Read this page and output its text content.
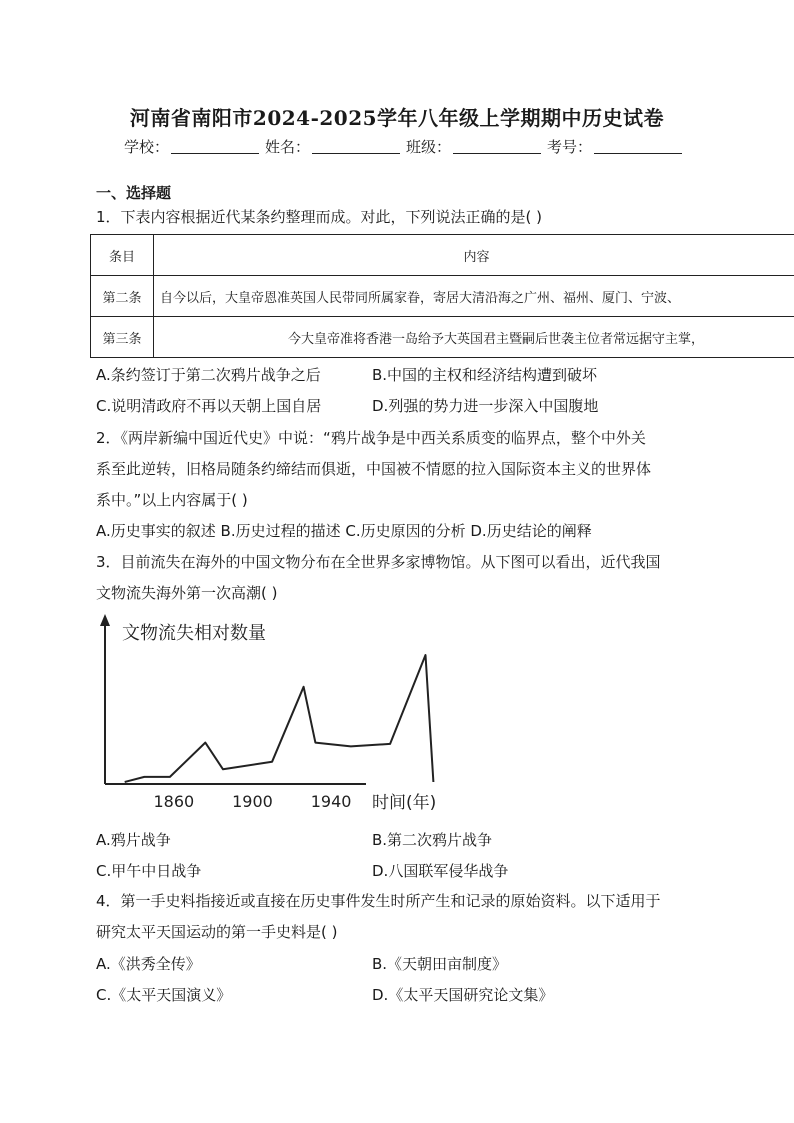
河南省南阳市2024-2025学年八年级上学期期中历史试卷
学校：	姓名：	班级：	考号：
一、选择题
1．下表内容根据近代某条约整理而成。对此，下列说法正确的是( )
条目	内容
第二条	自今以后，大皇帝恩准英国人民带同所属家眷，寄居大清沿海之广州、福州、厦门、宁波、
第三条	今大皇帝准将香港一岛给予大英国君主暨嗣后世袭主位者常远据守主掌，
A.条约签订于第二次鸦片战争之后	B.中国的主权和经济结构遭到破坏
C.说明清政府不再以天朝上国自居	D.列强的势力进一步深入中国腹地
2．《两岸新编中国近代史》中说：“鸦片战争是中西关系质变的临界点，整个中外关
系至此逆转，旧格局随条约缔结而俱逝，中国被不情愿的拉入国际资本主义的世界体
系中。”以上内容属于( )
A.历史事实的叙述 B.历史过程的描述 C.历史原因的分析 D.历史结论的阐释
3．目前流失在海外的中国文物分布在全世界多家博物馆。从下图可以看出，近代我国
文物流失海外第一次高潮( )
文物流失相对数量
1860 1900 1940 时间(年)
A.鸦片战争	B.第二次鸦片战争
C.甲午中日战争	D.八国联军侵华战争
4．第一手史料指接近或直接在历史事件发生时所产生和记录的原始资料。以下适用于
研究太平天国运动的第一手史料是( )
A.《洪秀全传》	B.《天朝田亩制度》
C.《太平天国演义》	D.《太平天国研究论文集》
